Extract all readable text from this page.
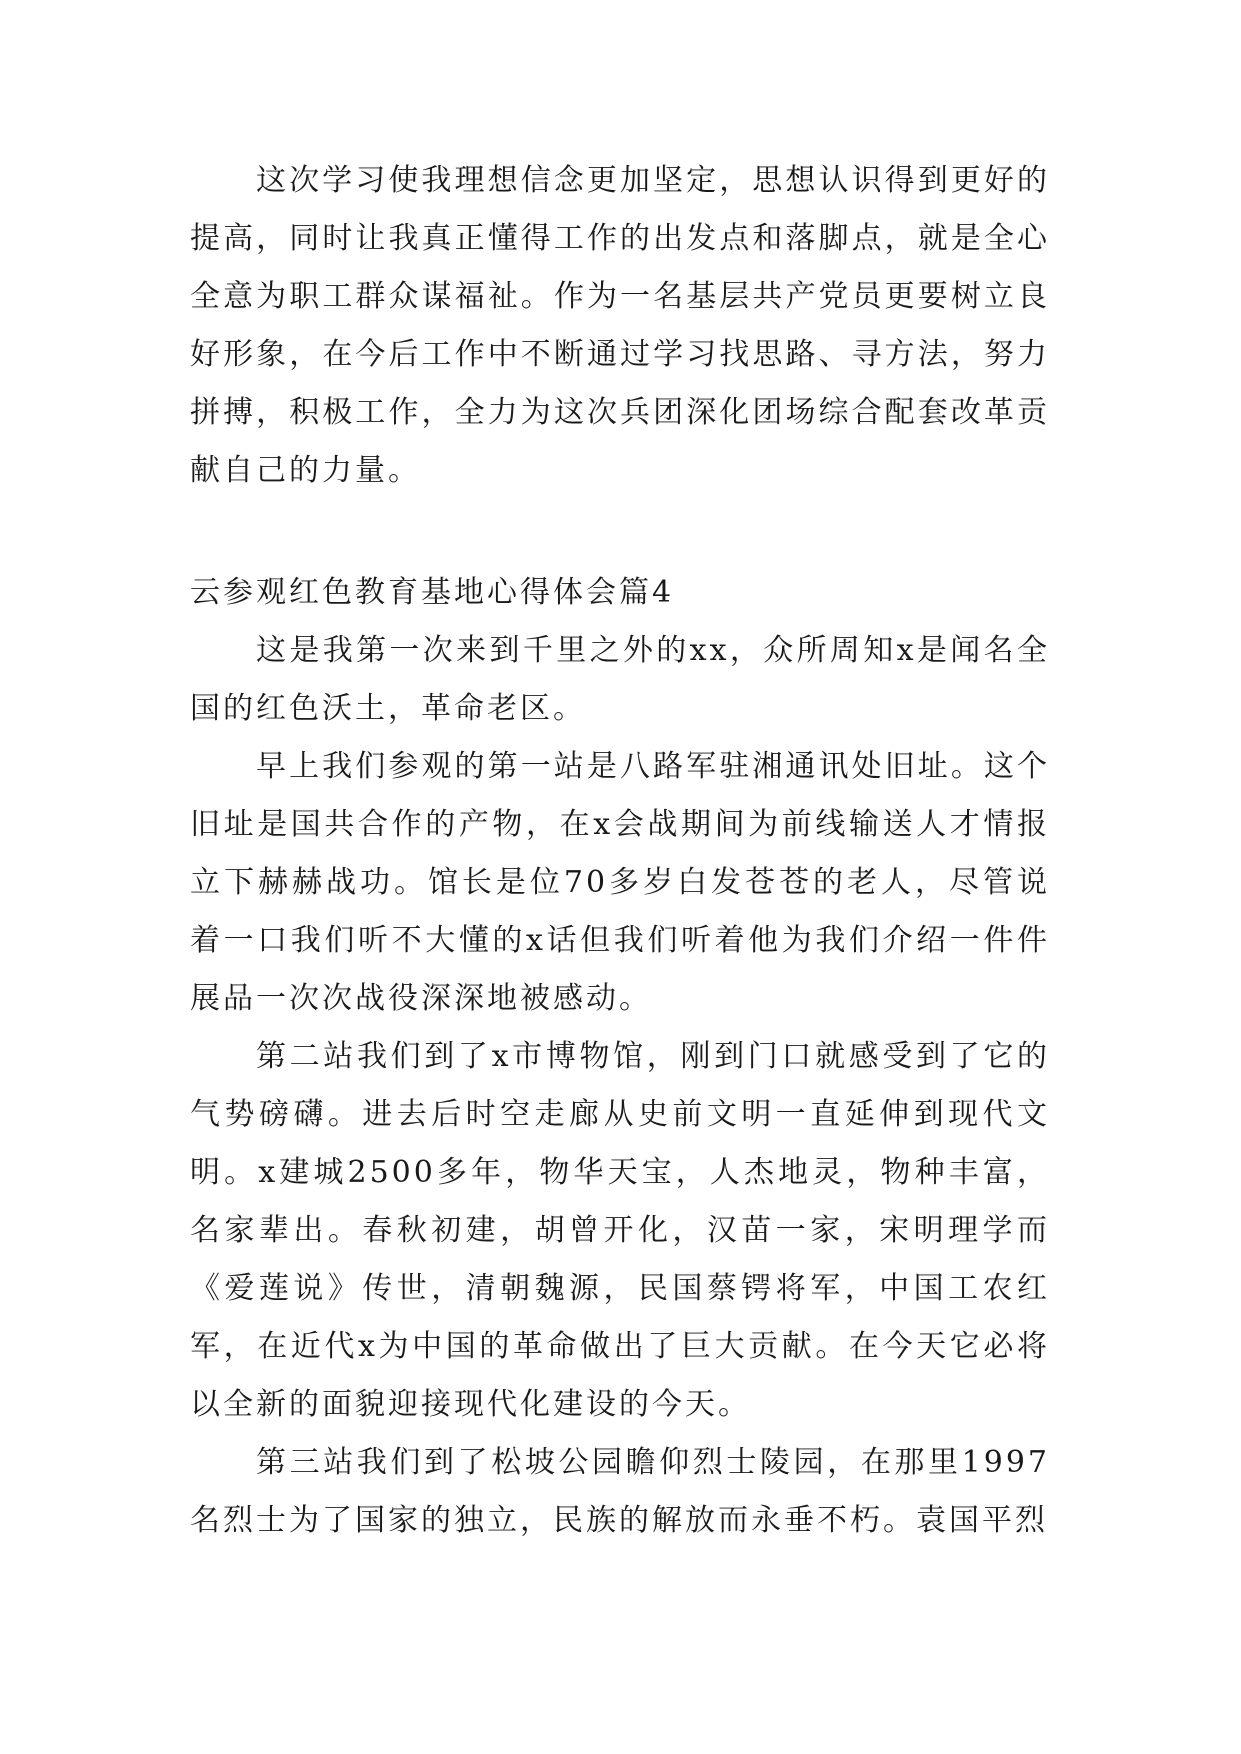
这次学习使我理想信念更加坚定，思想认识得到更好的提高，同时让我真正懂得工作的出发点和落脚点，就是全心全意为职工群众谋福祉。作为一名基层共产党员更要树立良好形象，在今后工作中不断通过学习找思路、寻方法，努力拼搏，积极工作，全力为这次兵团深化团场综合配套改革贡献自己的力量。

云参观红色教育基地心得体会篇4

这是我第一次来到千里之外的xx，众所周知x是闻名全国的红色沃土，革命老区。

早上我们参观的第一站是八路军驻湘通讯处旧址。这个旧址是国共合作的产物，在x会战期间为前线输送人才情报立下赫赫战功。馆长是位70多岁白发苍苍的老人，尽管说着一口我们听不大懂的x话但我们听着他为我们介绍一件件展品一次次战役深深地被感动。

第二站我们到了x市博物馆，刚到门口就感受到了它的气势磅礴。进去后时空走廊从史前文明一直延伸到现代文明。x建城2500多年，物华天宝，人杰地灵，物种丰富，名家辈出。春秋初建，胡曾开化，汉苗一家，宋明理学而《爱莲说》传世，清朝魏源，民国蔡锷将军，中国工农红军，在近代x为中国的革命做出了巨大贡献。在今天它必将以全新的面貌迎接现代化建设的今天。

第三站我们到了松坡公园瞻仰烈士陵园，在那里1997名烈士为了国家的独立，民族的解放而永垂不朽。袁国平烈
